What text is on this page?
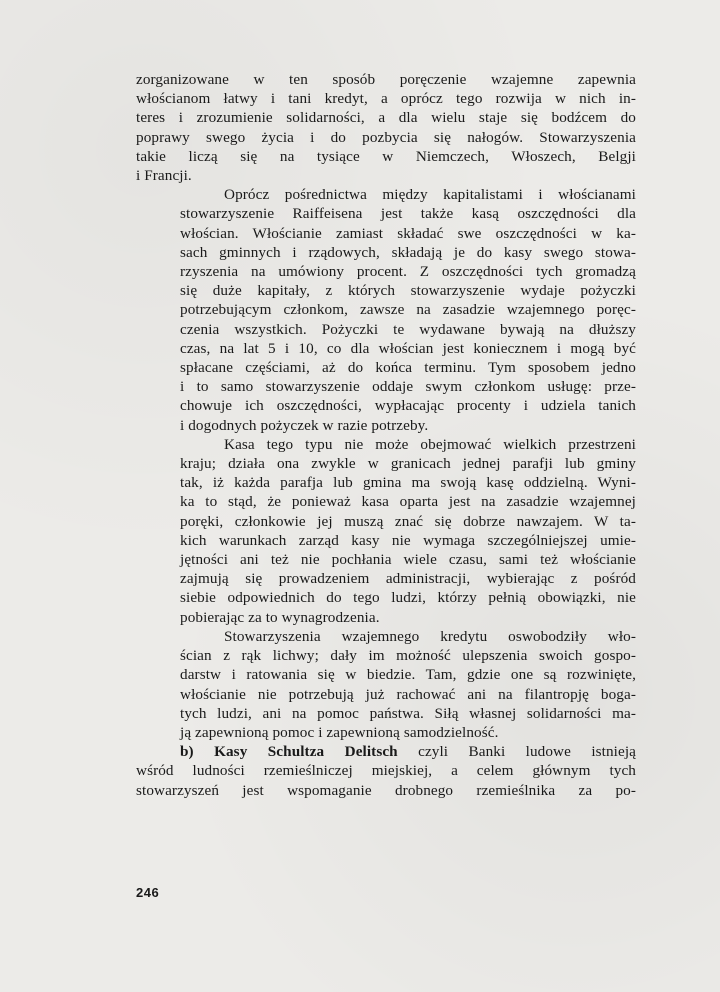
zorganizowane w ten sposób poręczenie wzajemne zapewnia
włościanom łatwy i tani kredyt, a oprócz tego rozwija w nich in-
teres i zrozumienie solidarności, a dla wielu staje się bodźcem do
poprawy swego życia i do pozbycia się nałogów. Stowarzyszenia
takie liczą się na tysiące w Niemczech, Włoszech, Belgji
i Francji.

Oprócz pośrednictwa między kapitalistami i włościanami
stowarzyszenie Raiffeisena jest także kasą oszczędności dla
włościan. Włościanie zamiast składać swe oszczędności w ka-
sach gminnych i rządowych, składają je do kasy swego stowa-
rzyszenia na umówiony procent. Z oszczędności tych gromadzą
się duże kapitały, z których stowarzyszenie wydaje pożyczki
potrzebującym członkom, zawsze na zasadzie wzajemnego poręc-
czenia wszystkich. Pożyczki te wydawane bywają na dłuższy
czas, na lat 5 i 10, co dla włościan jest koniecznem i mogą być
spłacane częściami, aż do końca terminu. Tym sposobem jedno
i to samo stowarzyszenie oddaje swym członkom usługę: prze-
chowuje ich oszczędności, wypłacając procenty i udziela tanich
i dogodnych pożyczek w razie potrzeby.

Kasa tego typu nie może obejmować wielkich przestrzeni
kraju; działa ona zwykle w granicach jednej parafji lub gminy
tak, iż każda parafja lub gmina ma swoją kasę oddzielną. Wyni-
ka to stąd, że ponieważ kasa oparta jest na zasadzie wzajemnej
poręki, członkowie jej muszą znać się dobrze nawzajem. W ta-
kich warunkach zarząd kasy nie wymaga szczególniejszej umie-
jętności ani też nie pochłania wiele czasu, sami też włościanie
zajmują się prowadzeniem administracji, wybierając z pośród
siebie odpowiednich do tego ludzi, którzy pełnią obowiązki, nie
pobierając za to wynagrodzenia.

Stowarzyszenia wzajemnego kredytu oswobodziły wło-
ścian z rąk lichwy; dały im możność ulepszenia swoich gospo-
darstw i ratowania się w biedzie. Tam, gdzie one są rozwinięte,
włościanie nie potrzebują już rachować ani na filantropję boga-
tych ludzi, ani na pomoc państwa. Siłą własnej solidarności ma-
ją zapewnioną pomoc i zapewnioną samodzielność.

b) Kasy Schultza Delitsch czyli Banki ludowe istnieją
wśród ludności rzemieślniczej miejskiej, a celem głównym tych
stowarzyszeń jest wspomaganie drobnego rzemieślnika za po-

246
